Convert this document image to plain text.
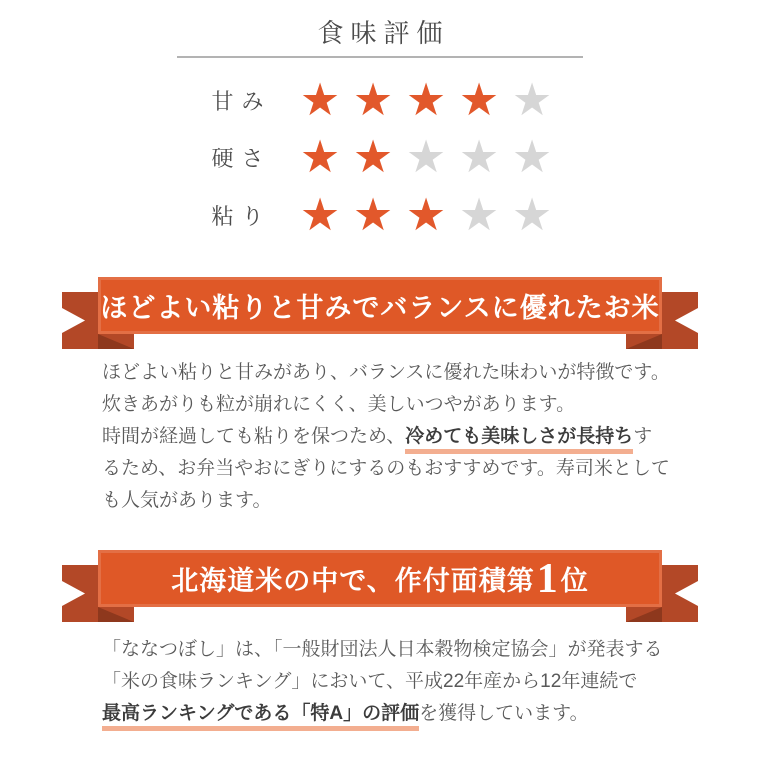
食味評価
甘み ★ ★ ★ ★ ★
硬さ ★ ★ ★ ★ ★
粘り ★ ★ ★ ★ ★
ほどよい粘りと甘みでバランスに優れたお米
ほどよい粘りと甘みがあり、バランスに優れた味わいが特徴です。
炊きあがりも粒が崩れにくく、美しいつやがあります。
時間が経過しても粘りを保つため、冷めても美味しさが長持ちす
るため、お弁当やおにぎりにするのもおすすめです。寿司米として
も人気があります。
北海道米の中で、作付面積第 1 位
「ななつぼし」は、「一般財団法人日本穀物検定協会」が発表する
「米の食味ランキング」において、平成22年産から12年連続で
最高ランキングである「特A」の評価を獲得しています。
